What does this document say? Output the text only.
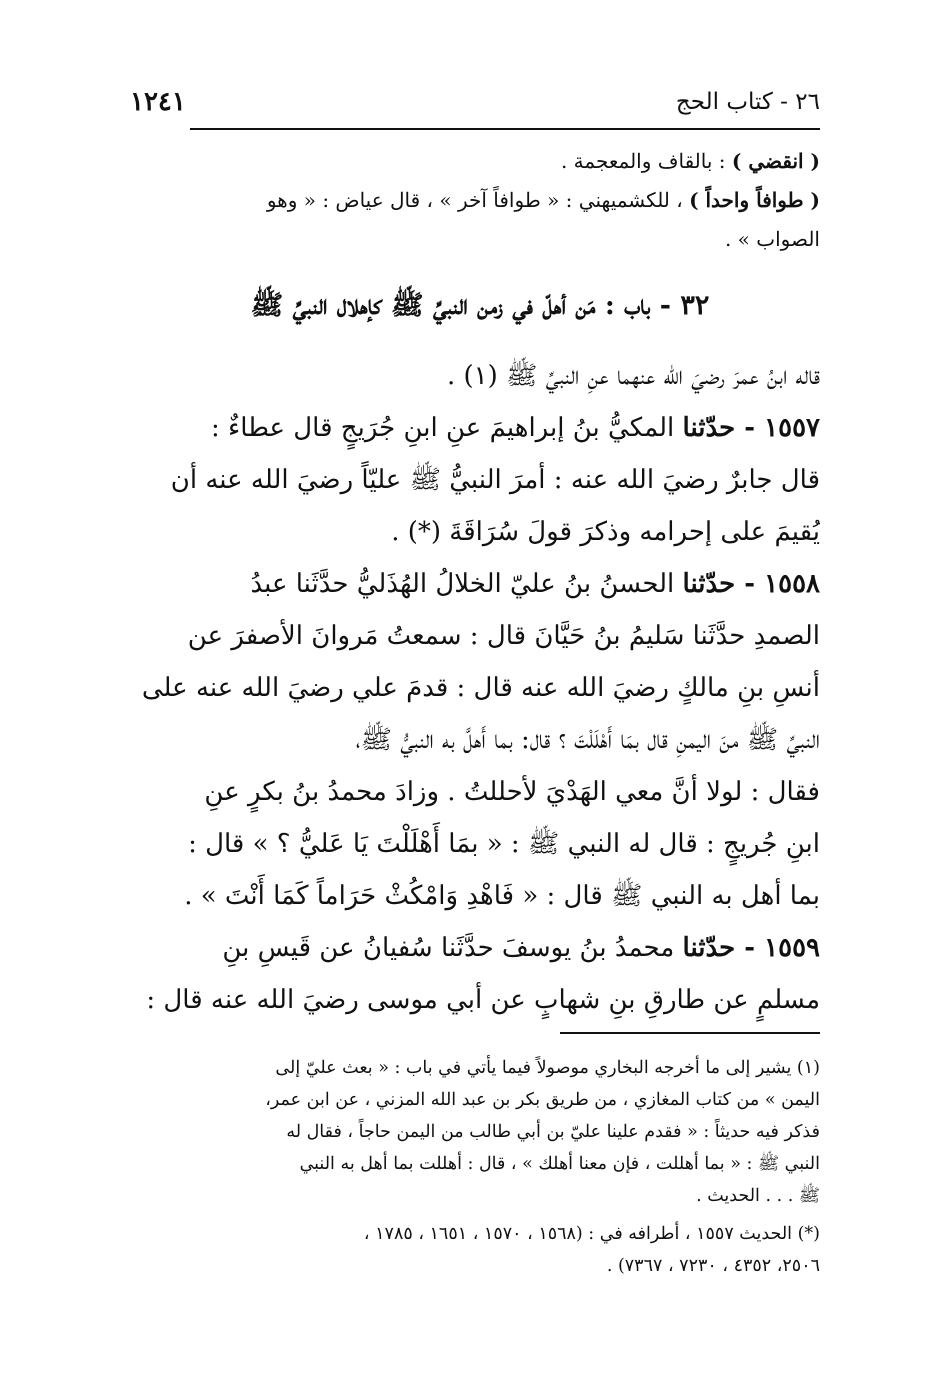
٢٦ - كتاب الحج
١٢٤١
( انقضي ) : بالقاف والمعجمة .
( طوافاً واحداً ) ، للكشميهني : « طوافاً آخر » ، قال عياض : « وهو
الصواب » .
٣٢ - باب : مَن أهلّ في زمن النبيِّ ﷺ كإهلال النبيِّ ﷺ
قاله ابنُ عمرَ رضيَ الله عنهما عنِ النبيِّ ﷺ (١) .
١٥٥٧ - حدّثنا المكيُّ بنُ إبراهيمَ عنِ ابنِ جُرَيجٍ قال عطاءٌ :
قال جابرٌ رضيَ الله عنه : أمرَ النبيُّ ﷺ عليّاً رضيَ الله عنه أن
يُقيمَ على إحرامه وذكرَ قولَ سُرَاقَةَ (*) .
١٥٥٨ - حدّثنا الحسنُ بنُ عليّ الخلالُ الهُذَليُّ حدَّثَنا عبدُ
الصمدِ حدَّثَنا سَليمُ بنُ حَيَّانَ قال : سمعتُ مَروانَ الأصفرَ عن
أنسِ بنِ مالكٍ رضيَ الله عنه قال : قدمَ علي رضيَ الله عنه على
النبيِّ ﷺ منَ اليمنِ قال بمَا أَهْلَلْتَ ؟ قال: بما أَهلَّ به النبيُّ ﷺ،
فقال : لولا أنَّ معي الهَدْيَ لأحللتُ . وزادَ محمدُ بنُ بكرٍ عنِ
ابنِ جُريجٍ : قال له النبي ﷺ : « بمَا أَهْلَلْتَ يَا عَليُّ ؟ » قال :
بما أهل به النبي ﷺ قال : « فَاهْدِ وَامْكُثْ حَرَاماً كَمَا أَنْتَ » .
١٥٥٩ - حدّثنا محمدُ بنُ يوسفَ حدَّثَنا سُفيانُ عن قَيسِ بنِ
مسلمٍ عن طارقِ بنِ شهابٍ عن أبي موسى رضيَ الله عنه قال :
(١) يشير إلى ما أخرجه البخاري موصولاً فيما يأتي في باب : « بعث عليّ إلى
اليمن » من كتاب المغازي ، من طريق بكر بن عبد الله المزني ، عن ابن عمر،
فذكر فيه حديثاً : « فقدم علينا عليّ بن أبي طالب من اليمن حاجاً ، فقال له
النبي ﷺ : « بما أهللت ، فإن معنا أهلك » ، قال : أهللت بما أهل به النبي
ﷺ . . . الحديث .
(*) الحديث ١٥٥٧ ، أطرافه في : (١٥٦٨ ، ١٥٧٠ ، ١٦٥١ ، ١٧٨٥ ،
٢٥٠٦، ٤٣٥٢ ، ٧٢٣٠ ، ٧٣٦٧) .
